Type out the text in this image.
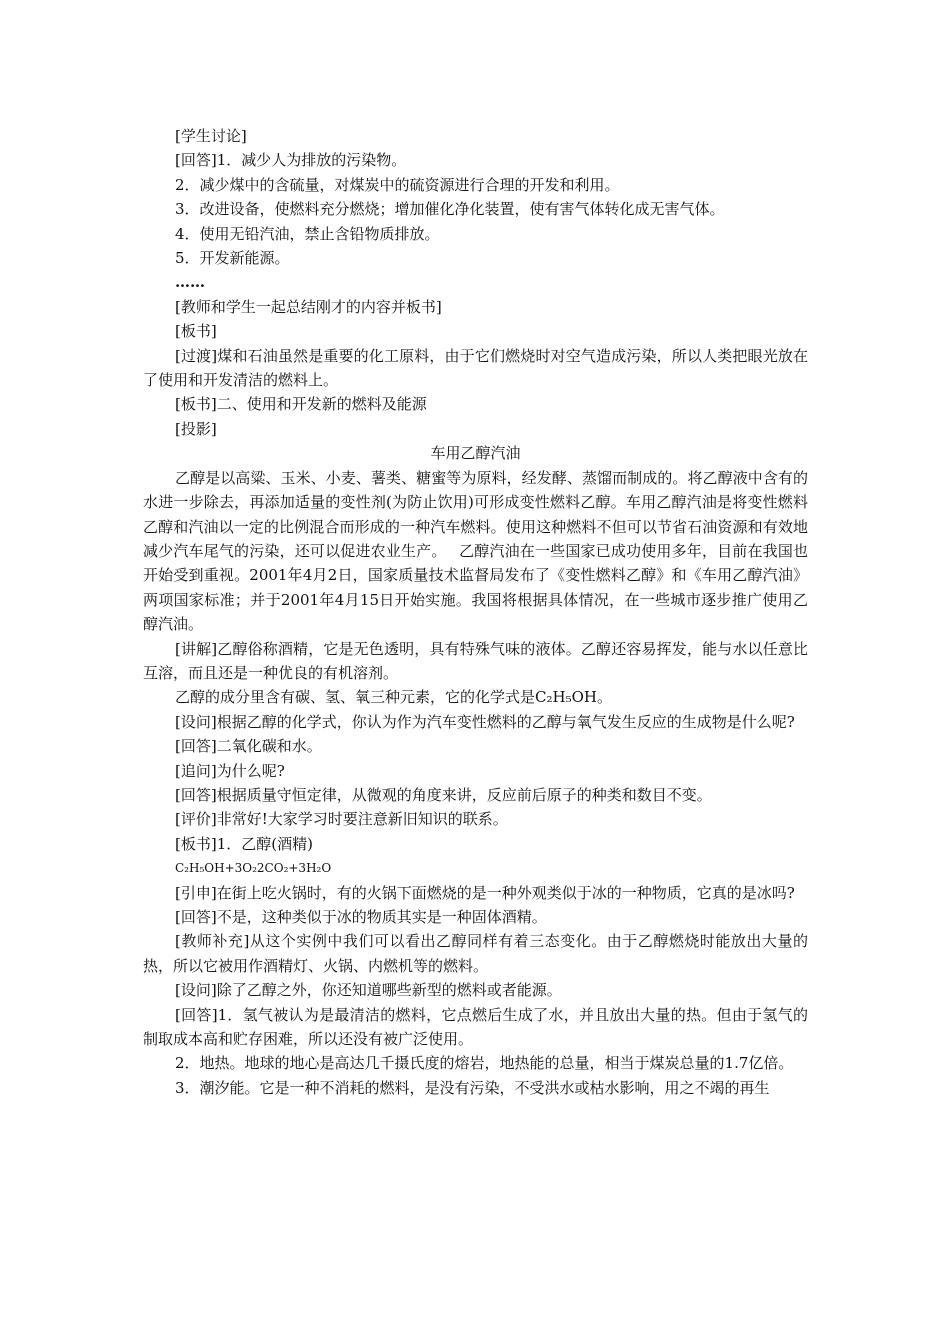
[学生讨论]

[回答]1．减少人为排放的污染物。

2．减少煤中的含硫量，对煤炭中的硫资源进行合理的开发和利用。

3．改进设备，使燃料充分燃烧；增加催化净化装置，使有害气体转化成无害气体。

4．使用无铅汽油，禁止含铅物质排放。

5．开发新能源。

……

[教师和学生一起总结刚才的内容并板书]

[板书]

[过渡]煤和石油虽然是重要的化工原料，由于它们燃烧时对空气造成污染，所以人类把眼光放在了使用和开发清洁的燃料上。

[板书]二、使用和开发新的燃料及能源

[投影]

车用乙醇汽油

乙醇是以高粱、玉米、小麦、薯类、糖蜜等为原料，经发酵、蒸馏而制成的。将乙醇液中含有的水进一步除去，再添加适量的变性剂(为防止饮用)可形成变性燃料乙醇。车用乙醇汽油是将变性燃料乙醇和汽油以一定的比例混合而形成的一种汽车燃料。使用这种燃料不但可以节省石油资源和有效地减少汽车尾气的污染，还可以促进农业生产。　 乙醇汽油在一些国家已成功使用多年，目前在我国也开始受到重视。2001年4月2日，国家质量技术监督局发布了《变性燃料乙醇》和《车用乙醇汽油》两项国家标准；并于2001年4月15日开始实施。我国将根据具体情况，在一些城市逐步推广使用乙醇汽油。

[讲解]乙醇俗称酒精，它是无色透明，具有特殊气味的液体。乙醇还容易挥发，能与水以任意比互溶，而且还是一种优良的有机溶剂。

乙醇的成分里含有碳、氢、氧三种元素，它的化学式是C₂H₅OH。

[设问]根据乙醇的化学式，你认为作为汽车变性燃料的乙醇与氧气发生反应的生成物是什么呢?

[回答]二氧化碳和水。

[追问]为什么呢?

[回答]根据质量守恒定律，从微观的角度来讲，反应前后原子的种类和数目不变。

[评价]非常好!大家学习时要注意新旧知识的联系。

[板书]1．乙醇(酒精)

C₂H₅OH+3O₂2CO₂+3H₂O

[引申]在街上吃火锅时，有的火锅下面燃烧的是一种外观类似于冰的一种物质，它真的是冰吗?

[回答]不是，这种类似于冰的物质其实是一种固体酒精。

[教师补充]从这个实例中我们可以看出乙醇同样有着三态变化。由于乙醇燃烧时能放出大量的热，所以它被用作酒精灯、火锅、内燃机等的燃料。

[设问]除了乙醇之外，你还知道哪些新型的燃料或者能源。

[回答]1．氢气被认为是最清洁的燃料，它点燃后生成了水，并且放出大量的热。但由于氢气的制取成本高和贮存困难，所以还没有被广泛使用。

2．地热。地球的地心是高达几千摄氏度的熔岩，地热能的总量，相当于煤炭总量的1.7亿倍。

3．潮汐能。它是一种不消耗的燃料，是没有污染，不受洪水或枯水影响，用之不竭的再生
